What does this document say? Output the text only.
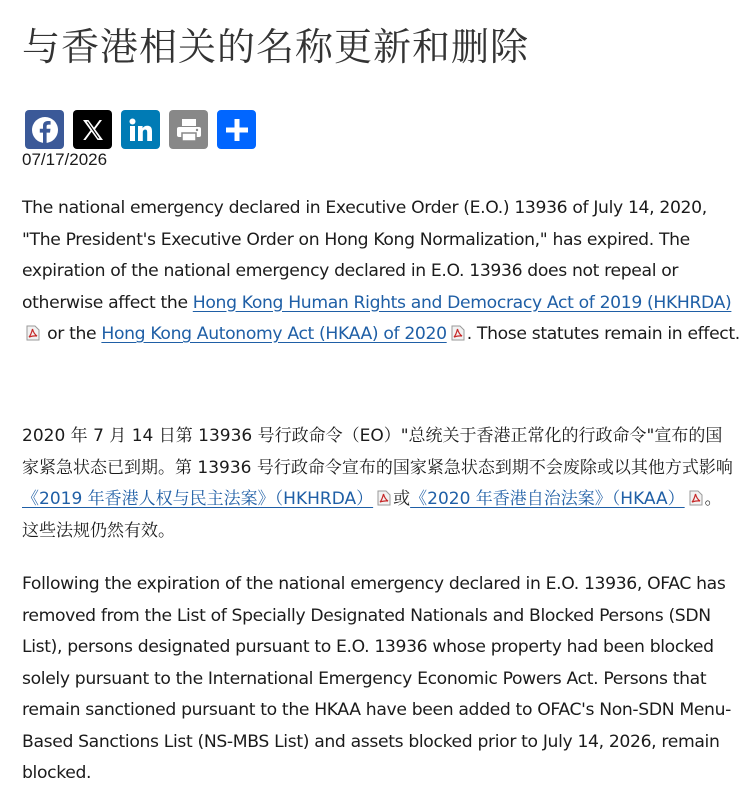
与香港相关的名称更新和删除
07/17/2026

The national emergency declared in Executive Order (E.O.) 13936 of July 14, 2020, "The President's Executive Order on Hong Kong Normalization," has expired. The expiration of the national emergency declared in E.O. 13936 does not repeal or otherwise affect the Hong Kong Human Rights and Democracy Act of 2019 (HKHRDA) or the Hong Kong Autonomy Act (HKAA) of 2020 . Those statutes remain in effect.

2020 年 7 月 14 日第 13936 号行政命令（EO）"总统关于香港正常化的行政命令"宣布的国家紧急状态已到期。第 13936 号行政命令宣布的国家紧急状态到期不会废除或以其他方式影响《2019 年香港人权与民主法案》（HKHRDA） 或《2020 年香港自治法案》（HKAA） 。这些法规仍然有效。

Following the expiration of the national emergency declared in E.O. 13936, OFAC has removed from the List of Specially Designated Nationals and Blocked Persons (SDN List), persons designated pursuant to E.O. 13936 whose property had been blocked solely pursuant to the International Emergency Economic Powers Act. Persons that remain sanctioned pursuant to the HKAA have been added to OFAC's Non-SDN Menu-Based Sanctions List (NS-MBS List) and assets blocked prior to July 14, 2026, remain blocked.
